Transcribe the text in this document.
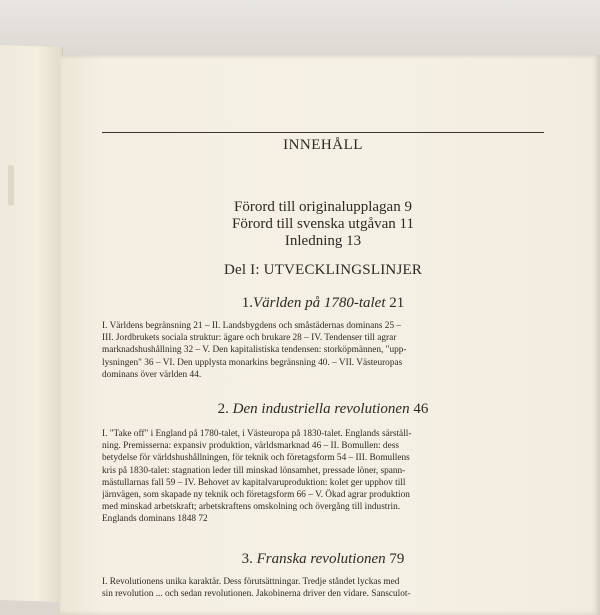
INNEHÅLL
Förord till originalupplagan 9
Förord till svenska utgåvan 11
Inledning 13
Del I: UTVECKLINGSLINJER
1.Världen på 1780-talet 21
I. Världens begränsning 21 – II. Landsbygdens och småstädernas dominans 25 –
III. Jordbrukets sociala struktur: ägare och brukare 28 – IV. Tendenser till agrar
marknadshushållning 32 – V. Den kapitalistiska tendensen: storköpmännen, "upp-
lysningen" 36 – VI. Den upplysta monarkins begränsning 40. – VII. Västeuropas
dominans över världen 44.
2. Den industriella revolutionen 46
I. "Take off" i England på 1780-talet, i Västeuropa på 1830-talet. Englands särställ-
ning. Premisserna: expansiv produktion, världsmarknad 46 – II. Bomullen: dess
betydelse för världshushållningen, för teknik och företagsform 54 – III. Bomullens
kris på 1830-talet: stagnation leder till minskad lönsamhet, pressade löner, spann-
mästullarnas fall 59 – IV. Behovet av kapitalvaruproduktion: kolet ger upphov till
järnvägen, som skapade ny teknik och företagsform 66 – V. Ökad agrar produktion
med minskad arbetskraft; arbetskraftens omskolning och övergång till industrin.
Englands dominans 1848 72
3. Franska revolutionen 79
I. Revolutionens unika karaktär. Dess förutsättningar. Tredje ståndet lyckas med
sin revolution ... och sedan revolutionen. Jakobinerna driver den vidare. Sansculot-
